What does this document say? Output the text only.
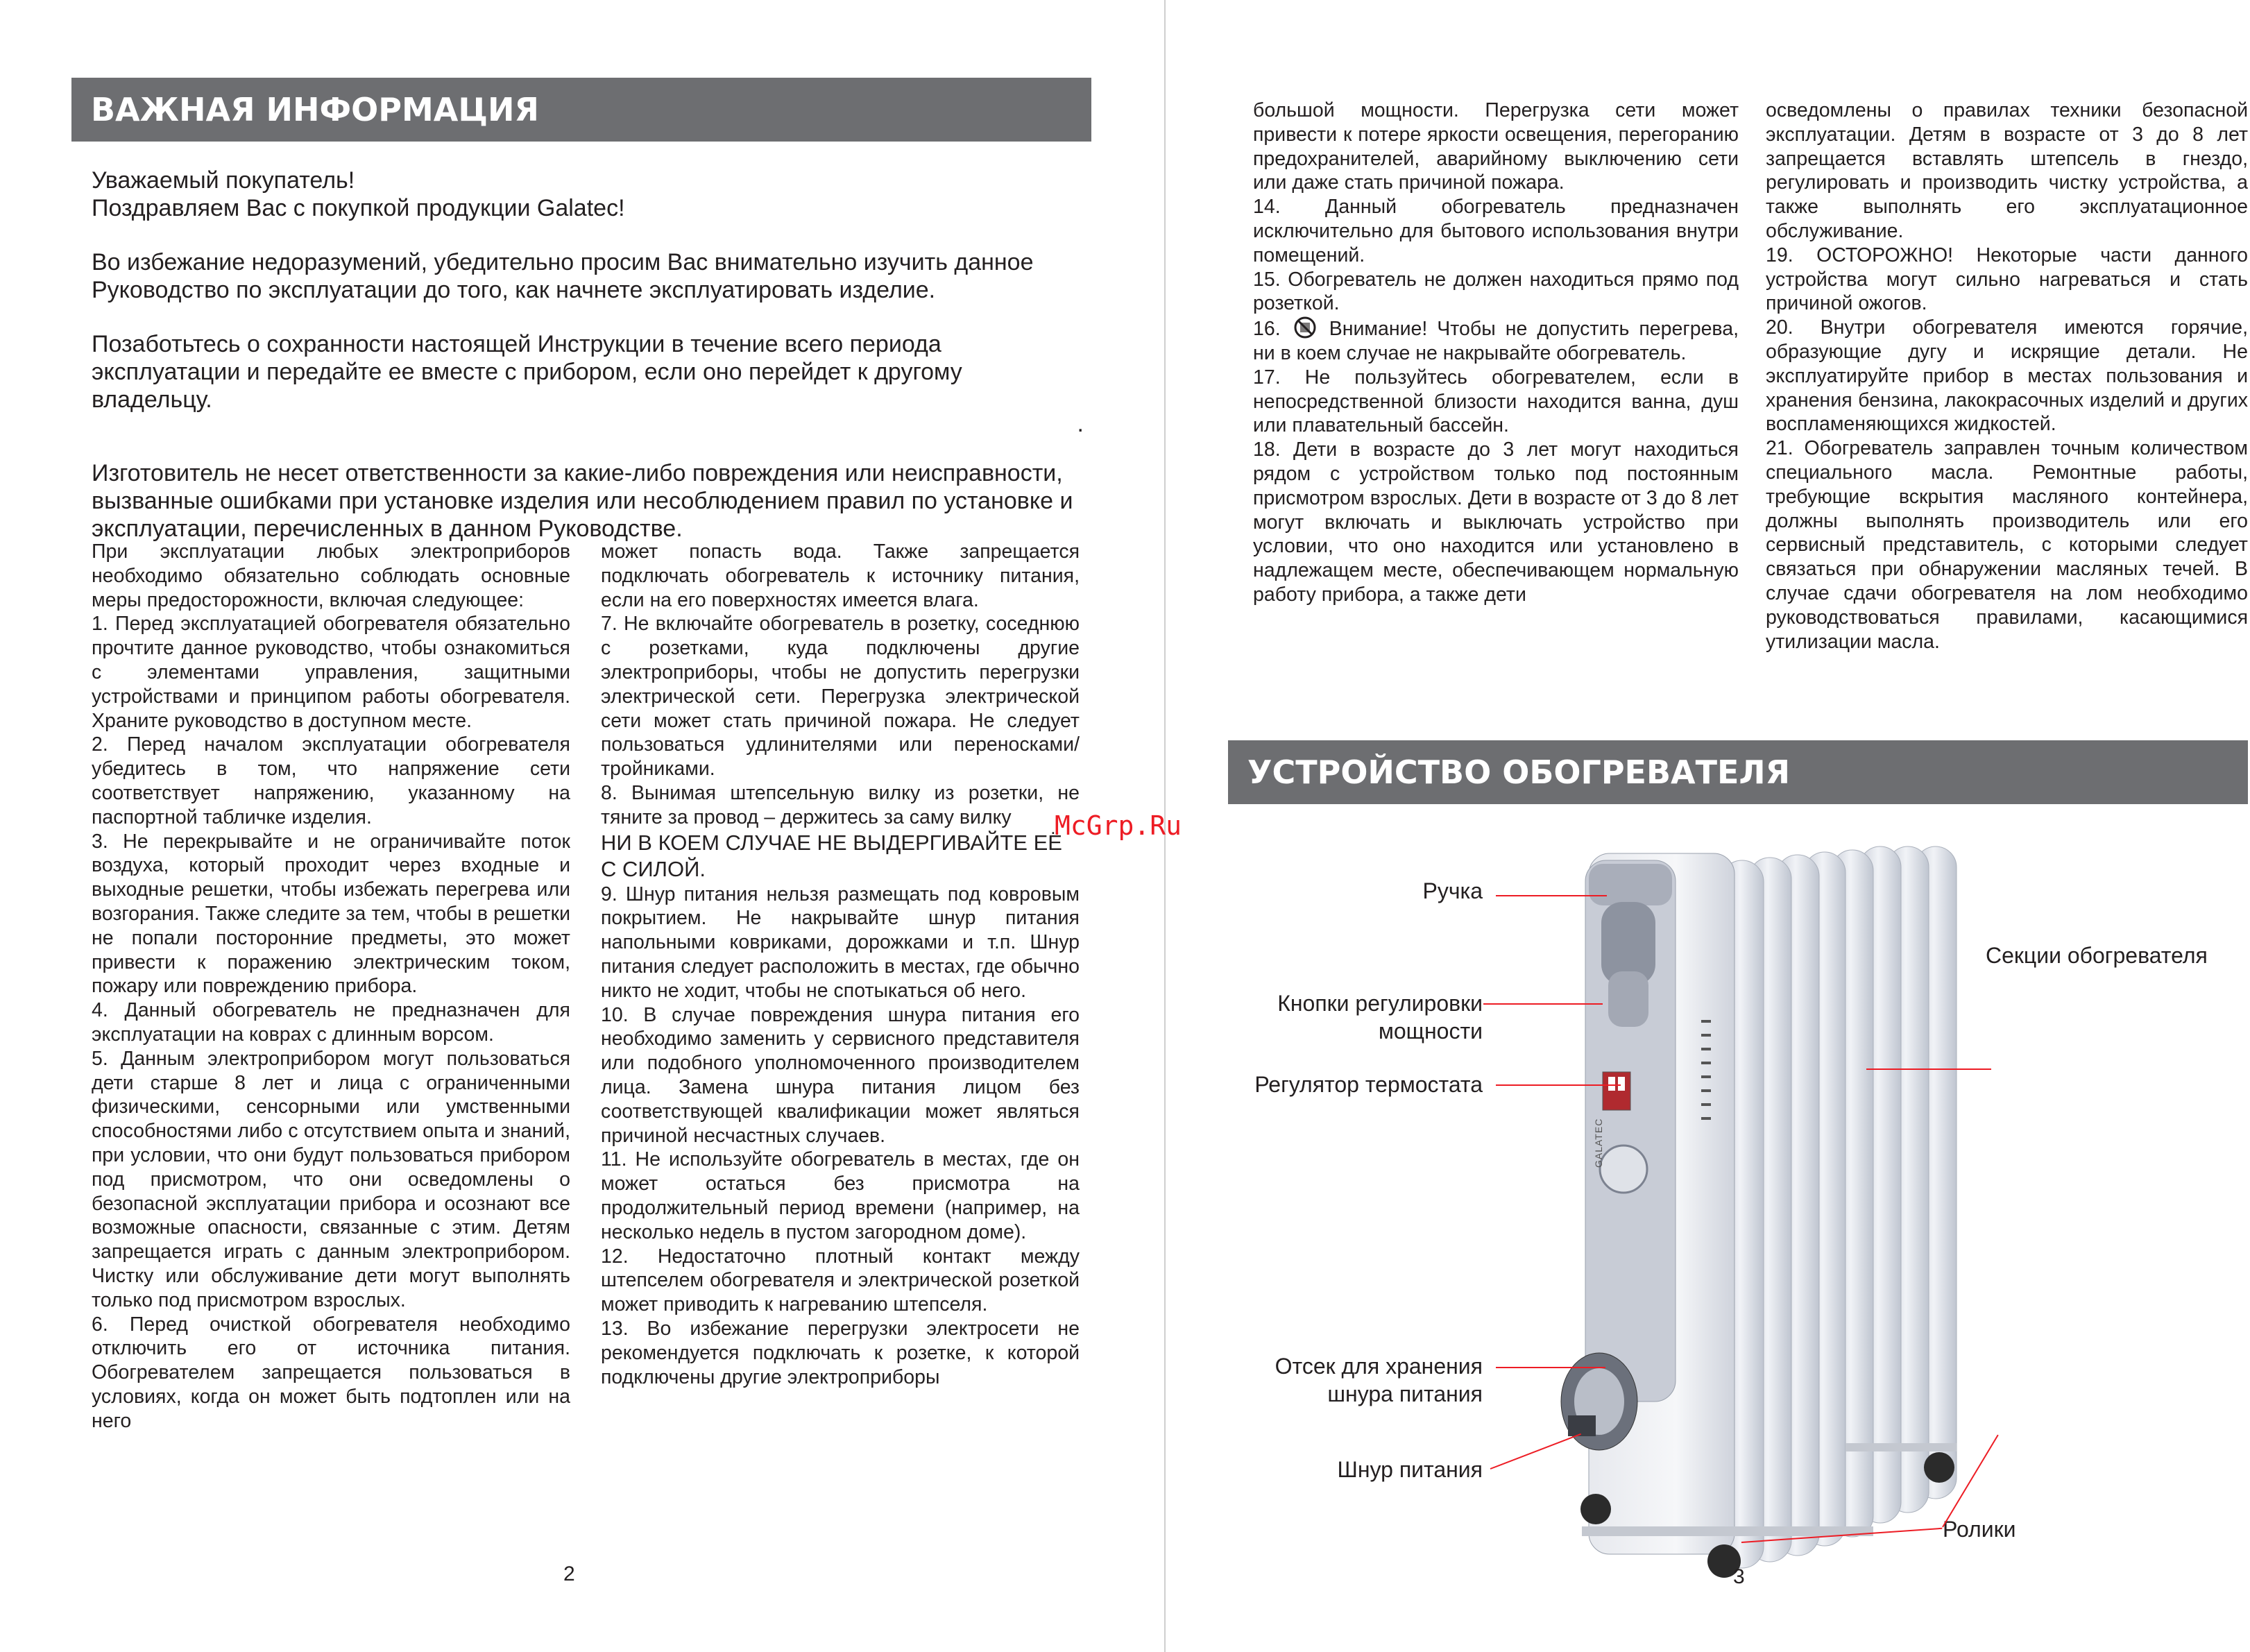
ВАЖНАЯ ИНФОРМАЦИЯ

Уважаемый покупатель!

Поздравляем Вас с покупкой продукции Galatec!

Во избежание недоразумений, убедительно просим Вас внимательно изучить данное Руководство по эксплуатации до того, как начнете эксплуатировать изделие.

Позаботьтесь о сохранности настоящей Инструкции в течение всего периода эксплуатации и передайте ее вместе с прибором, если оно перейдет к другому владельцу.

.

Изготовитель не несет ответственности за какие-либо повреждения или неисправности, вызванные ошибками при установке изделия или несоблюдением правил по установке и эксплуатации, перечисленных в данном Руководстве.

При эксплуатации любых электроприборов необходимо обязательно соблюдать основные меры предосторожности, включая следующее:

1. Перед эксплуатацией обогревателя обязательно прочтите данное руководство, чтобы ознакомиться с элементами управления, защитными устройствами и принципом работы обогревателя. Храните руководство в доступном месте.

2. Перед началом эксплуатации обогревателя убедитесь в том, что напряжение сети соответствует напряжению, указанному на паспортной табличке изделия.

3. Не перекрывайте и не ограничивайте поток воздуха, который проходит через входные и выходные решетки, чтобы избежать перегрева или возгорания. Также следите за тем, чтобы в решетки не попали посторонние предметы, это может привести к поражению электрическим током, пожару или повреждению прибора.

4. Данный обогреватель не предназначен для эксплуатации на коврах с длинным ворсом.

5. Данным электроприбором могут пользоваться дети старше 8 лет и лица с ограниченными физическими, сенсорными или умственными способностями либо с отсутствием опыта и знаний, при условии, что они будут пользоваться прибором под присмотром, что они осведомлены о безопасной эксплуатации прибора и осознают все возможные опасности, связанные с этим. Детям запрещается играть с данным электроприбором. Чистку или обслуживание дети могут выполнять только под присмотром взрослых.

6. Перед очисткой обогревателя необходимо отключить его от источника питания. Обогревателем запрещается пользоваться в условиях, когда он может быть подтоплен или на него

может попасть вода. Также запрещается подключать обогреватель к источнику питания, если на его поверхностях имеется влага.

7. Не включайте обогреватель в розетку, соседнюю с розетками, куда подключены другие электроприборы, чтобы не допустить перегрузки электрической сети. Перегрузка электрической сети может стать причиной пожара. Не следует пользоваться удлинителями или переносками/тройниками.

8. Вынимая штепсельную вилку из розетки, не тяните за провод – держитесь за саму вилку

НИ В КОЕМ СЛУЧАЕ НЕ ВЫДЕРГИВАЙТЕ ЕЁ С СИЛОЙ.

9. Шнур питания нельзя размещать под ковровым покрытием. Не накрывайте шнур питания напольными ковриками, дорожками и т.п. Шнур питания следует расположить в местах, где обычно никто не ходит, чтобы не спотыкаться об него.

10. В случае повреждения шнура питания его необходимо заменить у сервисного представителя или подобного уполномоченного производителем лица. Замена шнура питания лицом без соответствующей квалификации может являться причиной несчастных случаев.

11. Не используйте обогреватель в местах, где он может остаться без присмотра на продолжительный период времени (например, на несколько недель в пустом загородном доме).

12. Недостаточно плотный контакт между штепселем обогревателя и электрической розеткой может приводить к нагреванию штепселя.

13. Во избежание перегрузки электросети не рекомендуется подключать к розетке, к которой подключены другие электроприборы

2
McGrp.Ru

большой мощности. Перегрузка сети может привести к потере яркости освещения, перегоранию предохранителей, аварийному выключению сети или даже стать причиной пожара.

14. Данный обогреватель предназначен исключительно для бытового использования внутри помещений.

15. Обогреватель не должен находиться прямо под розеткой.

16. Внимание! Чтобы не допустить перегрева, ни в коем случае не накрывайте обогреватель.

17. Не пользуйтесь обогревателем, если в непосредственной близости находится ванна, душ или плавательный бассейн.

18. Дети в возрасте до 3 лет могут находиться рядом с устройством только под постоянным присмотром взрослых. Дети в возрасте от 3 до 8 лет могут включать и выключать устройство при условии, что оно находится или установлено в надлежащем месте, обеспечивающем нормальную работу прибора, а также дети

осведомлены о правилах техники безопасной эксплуатации. Детям в возрасте от 3 до 8 лет запрещается вставлять штепсель в гнездо, регулировать и производить чистку устройства, а также выполнять его эксплуатационное обслуживание.

19. ОСТОРОЖНО! Некоторые части данного устройства могут сильно нагреваться и стать причиной ожогов.

20. Внутри обогревателя имеются горячие, образующие дугу и искрящие детали. Не эксплуатируйте прибор в местах пользования и хранения бензина, лакокрасочных изделий и других воспламеняющихся жидкостей.

21. Обогреватель заправлен точным количеством специального масла. Ремонтные работы, требующие вскрытия масляного контейнера, должны выполнять производитель или его сервисный представитель, с которыми следует связаться при обнаружении масляных течей. В случае сдачи обогревателя на лом необходимо руководствоваться правилами, касающимися утилизации масла.

УСТРОЙСТВО ОБОГРЕВАТЕЛЯ
GALATEC
Ручка
Кнопки регулировки
мощности
Регулятор термостата
Секции обогревателя
Отсек для хранения
шнура питания
Шнур питания
Ролики
3
